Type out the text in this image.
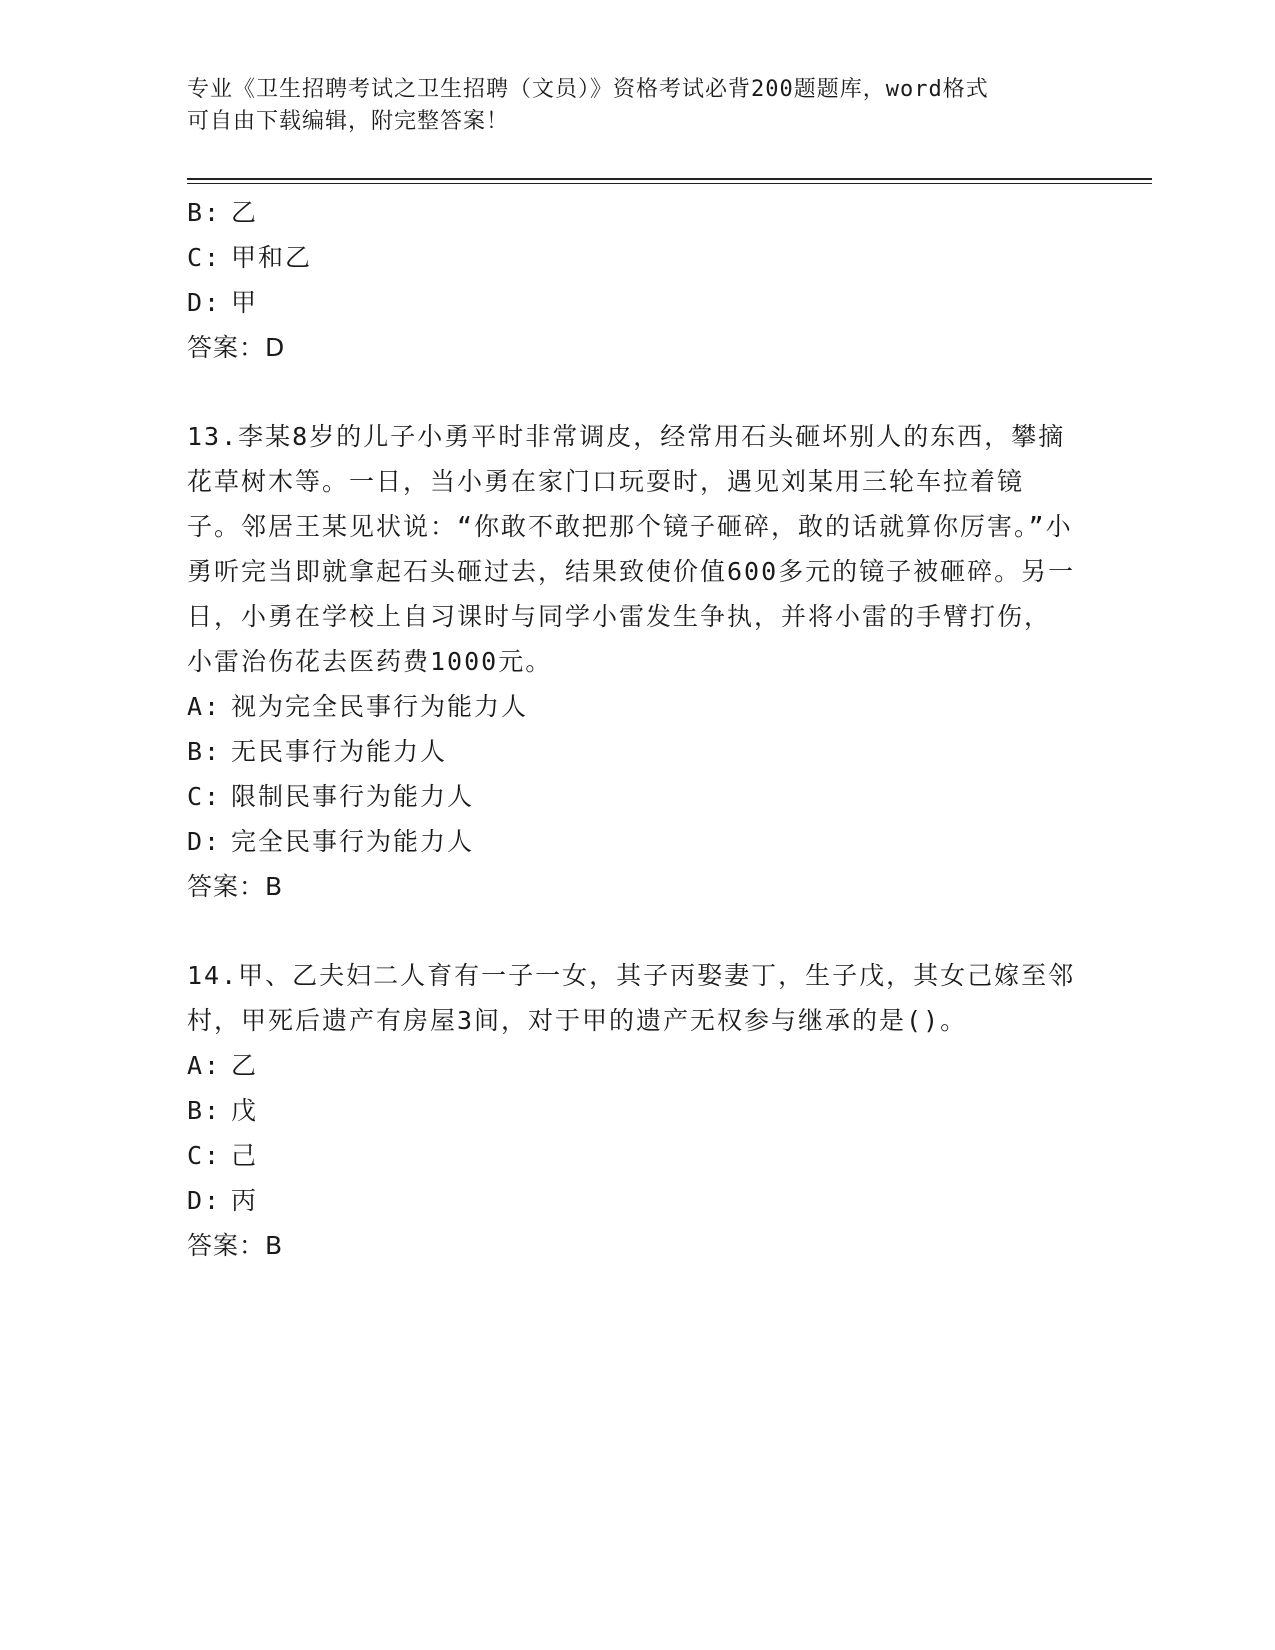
专业《卫生招聘考试之卫生招聘（文员）》资格考试必背200题题库，word格式
可自由下载编辑，附完整答案！
B: 乙
C: 甲和乙
D: 甲
答案：D
13.李某8岁的儿子小勇平时非常调皮，经常用石头砸坏别人的东西，攀摘花草树木等。一日，当小勇在家门口玩耍时，遇见刘某用三轮车拉着镜子。邻居王某见状说：“你敢不敢把那个镜子砸碎，敢的话就算你厉害。”小勇听完当即就拿起石头砸过去，结果致使价值600多元的镜子被砸碎。另一日，小勇在学校上自习课时与同学小雷发生争执，并将小雷的手臂打伤，小雷治伤花去医药费1000元。
A: 视为完全民事行为能力人
B: 无民事行为能力人
C: 限制民事行为能力人
D: 完全民事行为能力人
答案：B
14.甲、乙夫妇二人育有一子一女，其子丙娶妻丁，生子戊，其女己嫁至邻村，甲死后遗产有房屋3间，对于甲的遗产无权参与继承的是()。
A: 乙
B: 戊
C: 己
D: 丙
答案：B
